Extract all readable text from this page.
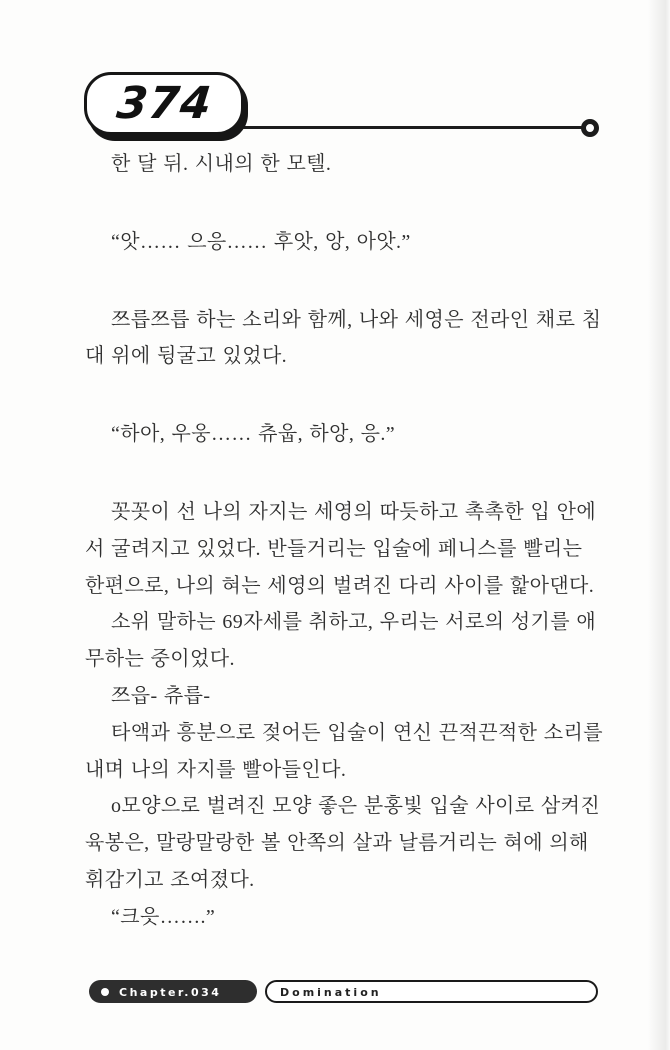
374
한 달 뒤. 시내의 한 모텔.
“앗…… 으응…… 후앗, 앙, 아앗.”
쯔릅쯔릅 하는 소리와 함께, 나와 세영은 전라인 채로 침
대 위에 뒹굴고 있었다.
“하아, 우웅…… 츄웁, 하앙, 응.”
꼿꼿이 선 나의 자지는 세영의 따듯하고 촉촉한 입 안에
서 굴려지고 있었다. 반들거리는 입술에 페니스를 빨리는
한편으로, 나의 혀는 세영의 벌려진 다리 사이를 핥아댄다.
소위 말하는 69자세를 취하고, 우리는 서로의 성기를 애
무하는 중이었다.
쯔읍- 츄릅-
타액과 흥분으로 젖어든 입술이 연신 끈적끈적한 소리를
내며 나의 자지를 빨아들인다.
o모양으로 벌려진 모양 좋은 분홍빛 입술 사이로 삼켜진
육봉은, 말랑말랑한 볼 안쪽의 살과 날름거리는 혀에 의해
휘감기고 조여졌다.
“크읏…….”
Chapter.034	Domination
